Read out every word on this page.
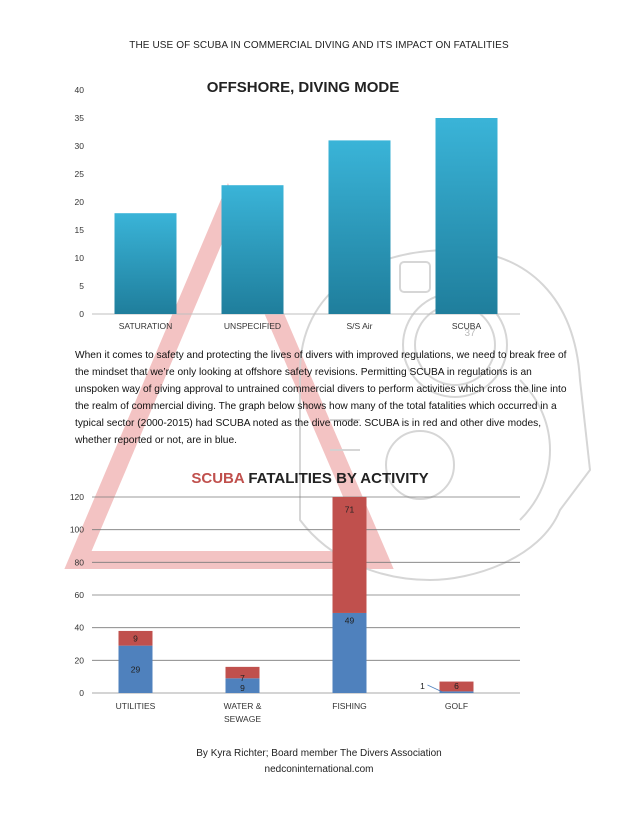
THE USE OF SCUBA IN COMMERCIAL DIVING AND ITS IMPACT ON FATALITIES
37
OFFSHORE, DIVING MODE
0
5
10
15
20
25
30
35
40
SATURATION	UNSPECIFIED	S/S Air	SCUBA
When it comes to safety and protecting the lives of divers with improved regulations, we need to break free of the mindset that we’re only looking at offshore safety revisions. Permitting SCUBA in regulations is an unspoken way of giving approval to untrained commercial divers to perform activities which cross the line into the realm of commercial diving. The graph below shows how many of the total fatalities which occurred in a typical sector (2000-2015) had SCUBA noted as the dive mode. SCUBA is in red and other dive modes, whether reported or not, are in blue.
SCUBA FATALITIES BY ACTIVITY
0
20
40
60
80
100
120
29
9
UTILITIES
9
7
WATER &
SEWAGE
49
71
FISHING
1	6
GOLF
By Kyra Richter; Board member The Divers Association
nedconinternational.com
